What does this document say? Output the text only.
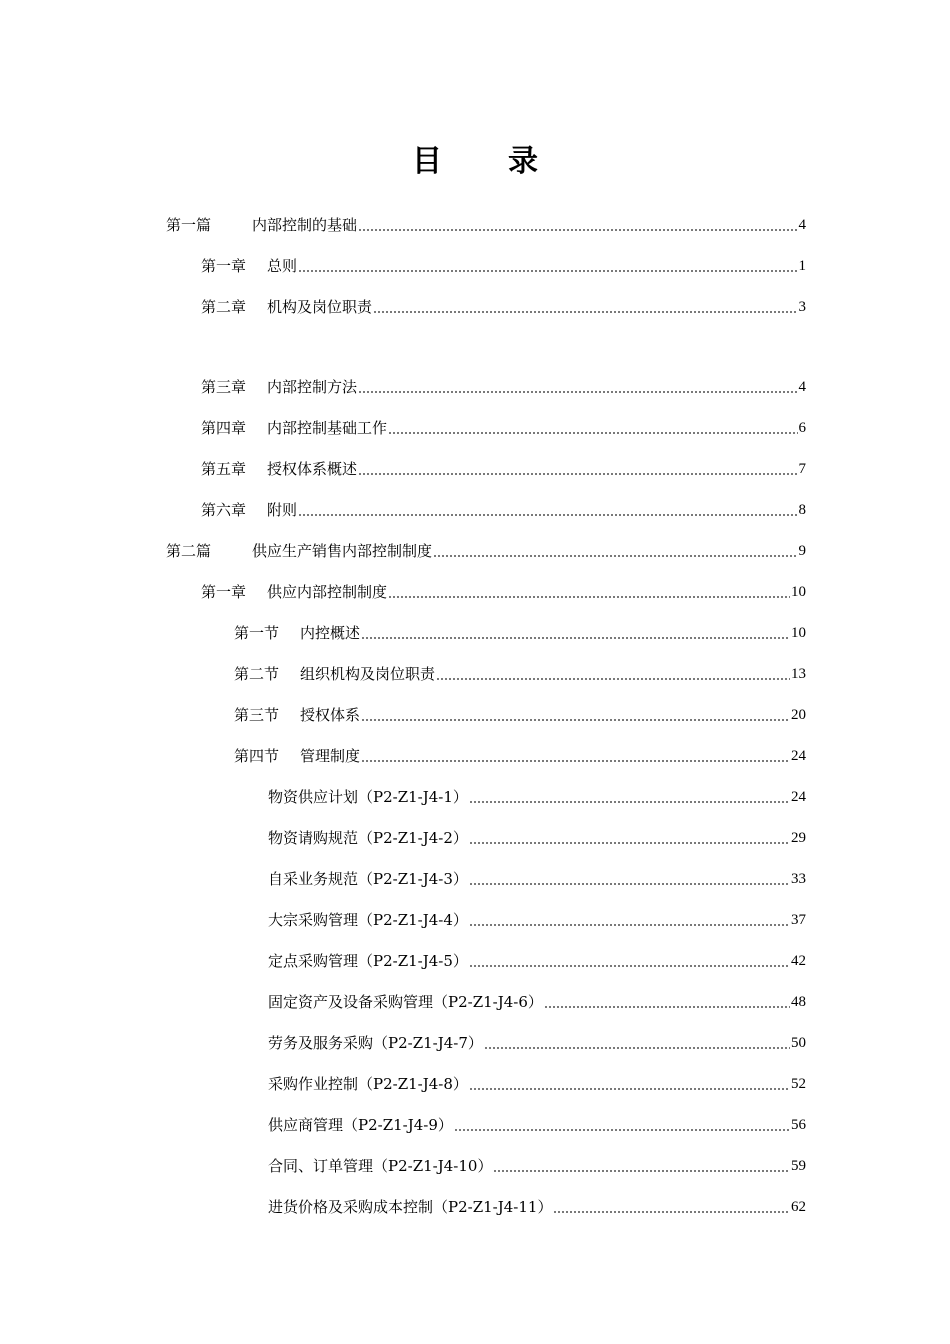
目 录
第一篇	内部控制的基础	4
第一章	总则	1
第二章	机构及岗位职责	3
第三章	内部控制方法	4
第四章	内部控制基础工作	6
第五章	授权体系概述	7
第六章	附则	8
第二篇	供应生产销售内部控制制度	9
第一章	供应内部控制制度	10
第一节	内控概述	10
第二节	组织机构及岗位职责	13
第三节	授权体系	20
第四节	管理制度	24
物资供应计划（P2-Z1-J4-1）	24
物资请购规范（P2-Z1-J4-2）	29
自采业务规范（P2-Z1-J4-3）	33
大宗采购管理（P2-Z1-J4-4）	37
定点采购管理（P2-Z1-J4-5）	42
固定资产及设备采购管理（P2-Z1-J4-6）	48
劳务及服务采购（P2-Z1-J4-7）	50
采购作业控制（P2-Z1-J4-8）	52
供应商管理（P2-Z1-J4-9）	56
合同、订单管理（P2-Z1-J4-10）	59
进货价格及采购成本控制（P2-Z1-J4-11）	62
